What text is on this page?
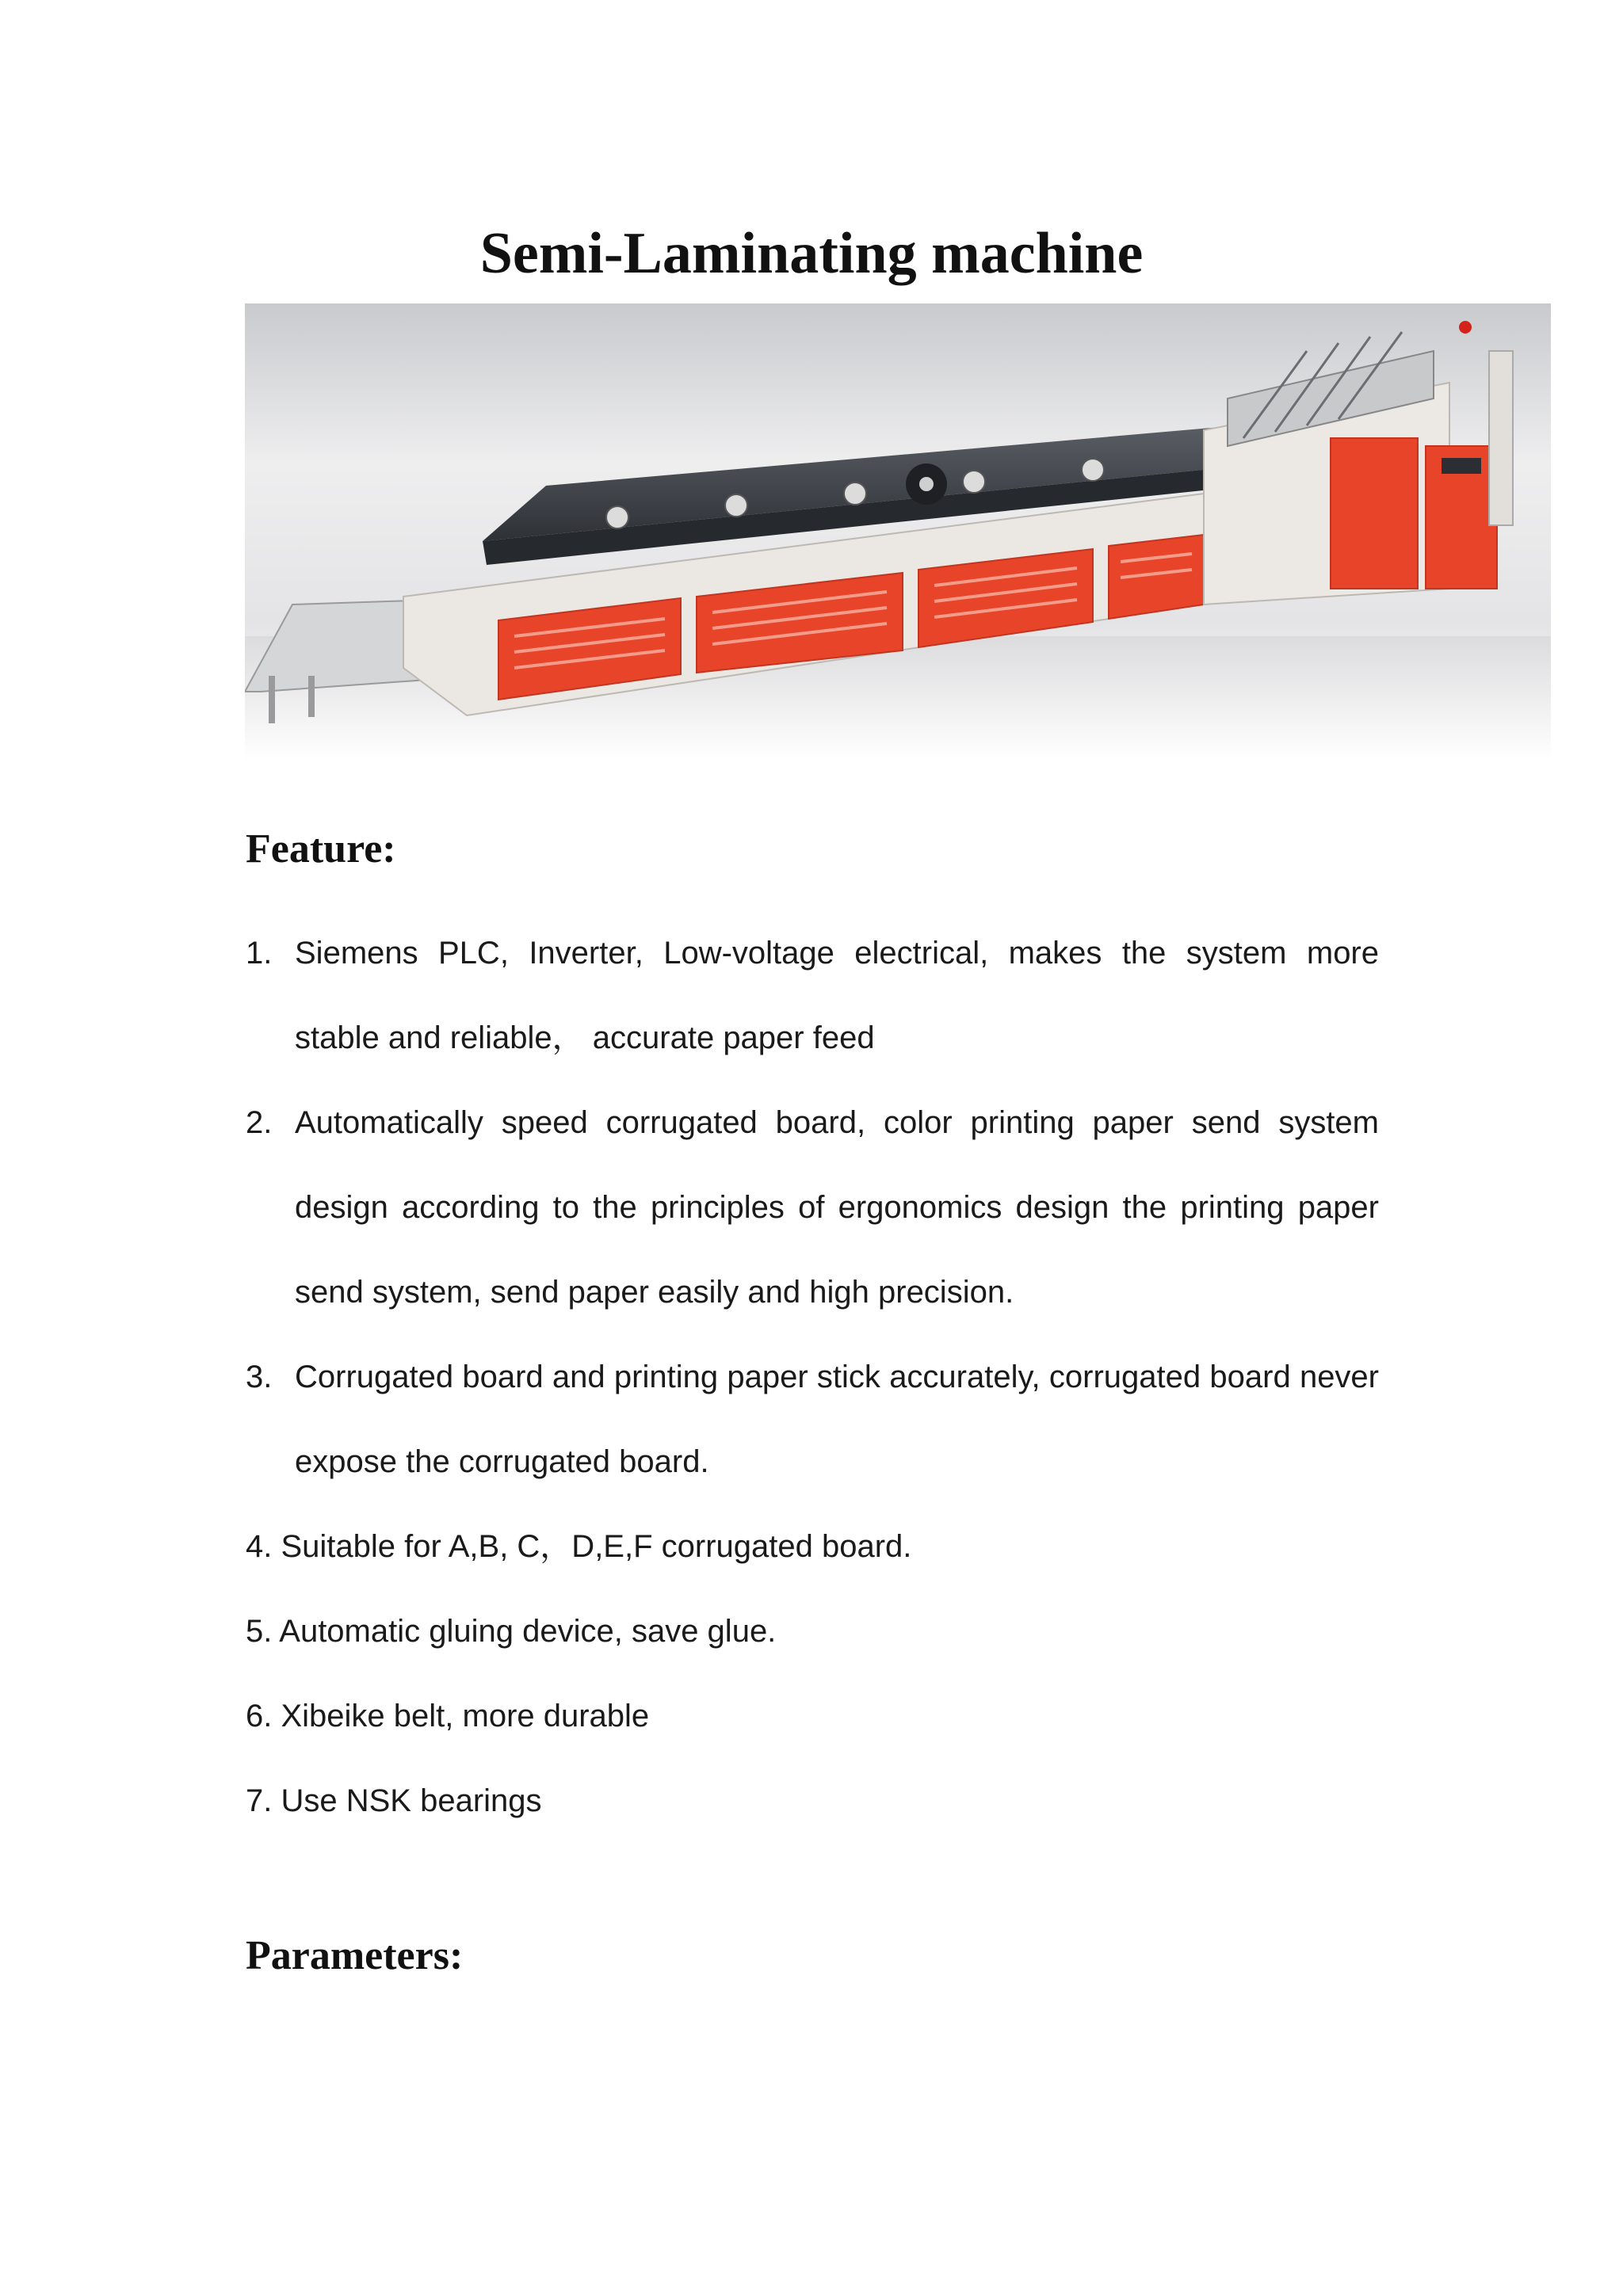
Semi-Laminating machine
Feature:
1. Siemens PLC, Inverter, Low-voltage electrical, makes the system more stable and reliable， accurate paper feed
2. Automatically speed corrugated board, color printing paper send system design according to the principles of ergonomics design the printing paper send system, send paper easily and high precision.
3. Corrugated board and printing paper stick accurately, corrugated board never expose the corrugated board.
4. Suitable for A,B, C，D,E,F corrugated board.
5. Automatic gluing device, save glue.
6. Xibeike belt, more durable
7. Use NSK bearings
Parameters:
